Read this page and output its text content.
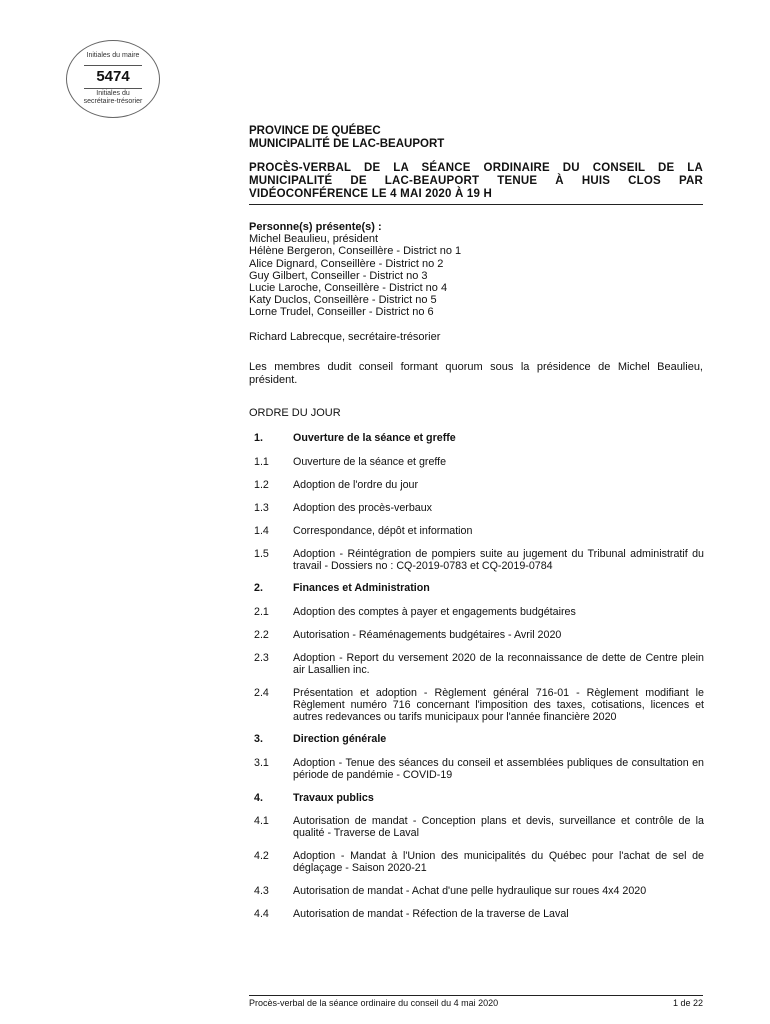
Initiales du maire
5474
Initiales du
secrétaire-trésorier
PROVINCE DE QUÉBEC
MUNICIPALITÉ DE LAC-BEAUPORT
PROCÈS-VERBAL DE LA SÉANCE ORDINAIRE DU CONSEIL DE LA MUNICIPALITÉ DE LAC-BEAUPORT TENUE À HUIS CLOS PAR VIDÉOCONFÉRENCE LE 4 MAI 2020 À 19 H
Personne(s) présente(s) :
Michel Beaulieu, président
Hélène Bergeron, Conseillère - District no 1
Alice Dignard, Conseillère - District no 2
Guy Gilbert, Conseiller - District no 3
Lucie Laroche, Conseillère - District no 4
Katy Duclos, Conseillère - District no 5
Lorne Trudel, Conseiller - District no 6
Richard Labrecque, secrétaire-trésorier
Les membres dudit conseil formant quorum sous la présidence de Michel Beaulieu, président.
ORDRE DU JOUR
1.	Ouverture de la séance et greffe
1.1	Ouverture de la séance et greffe
1.2	Adoption de l'ordre du jour
1.3	Adoption des procès-verbaux
1.4	Correspondance, dépôt et information
1.5	Adoption - Réintégration de pompiers suite au jugement du Tribunal administratif du travail - Dossiers no : CQ-2019-0783 et CQ-2019-0784
2.	Finances et Administration
2.1	Adoption des comptes à payer et engagements budgétaires
2.2	Autorisation - Réaménagements budgétaires - Avril 2020
2.3	Adoption - Report du versement 2020 de la reconnaissance de dette de Centre plein air Lasallien inc.
2.4	Présentation et adoption - Règlement général 716-01 - Règlement modifiant le Règlement numéro 716 concernant l'imposition des taxes, cotisations, licences et autres redevances ou tarifs municipaux pour l'année financière 2020
3.	Direction générale
3.1	Adoption - Tenue des séances du conseil et assemblées publiques de consultation en période de pandémie - COVID-19
4.	Travaux publics
4.1	Autorisation de mandat - Conception plans et devis, surveillance et contrôle de la qualité - Traverse de Laval
4.2	Adoption - Mandat à l'Union des municipalités du Québec pour l'achat de sel de déglaçage - Saison 2020-21
4.3	Autorisation de mandat - Achat d'une pelle hydraulique sur roues 4x4 2020
4.4	Autorisation de mandat - Réfection de la traverse de Laval
Procès-verbal de la séance ordinaire du conseil du 4 mai 2020	1 de 22
